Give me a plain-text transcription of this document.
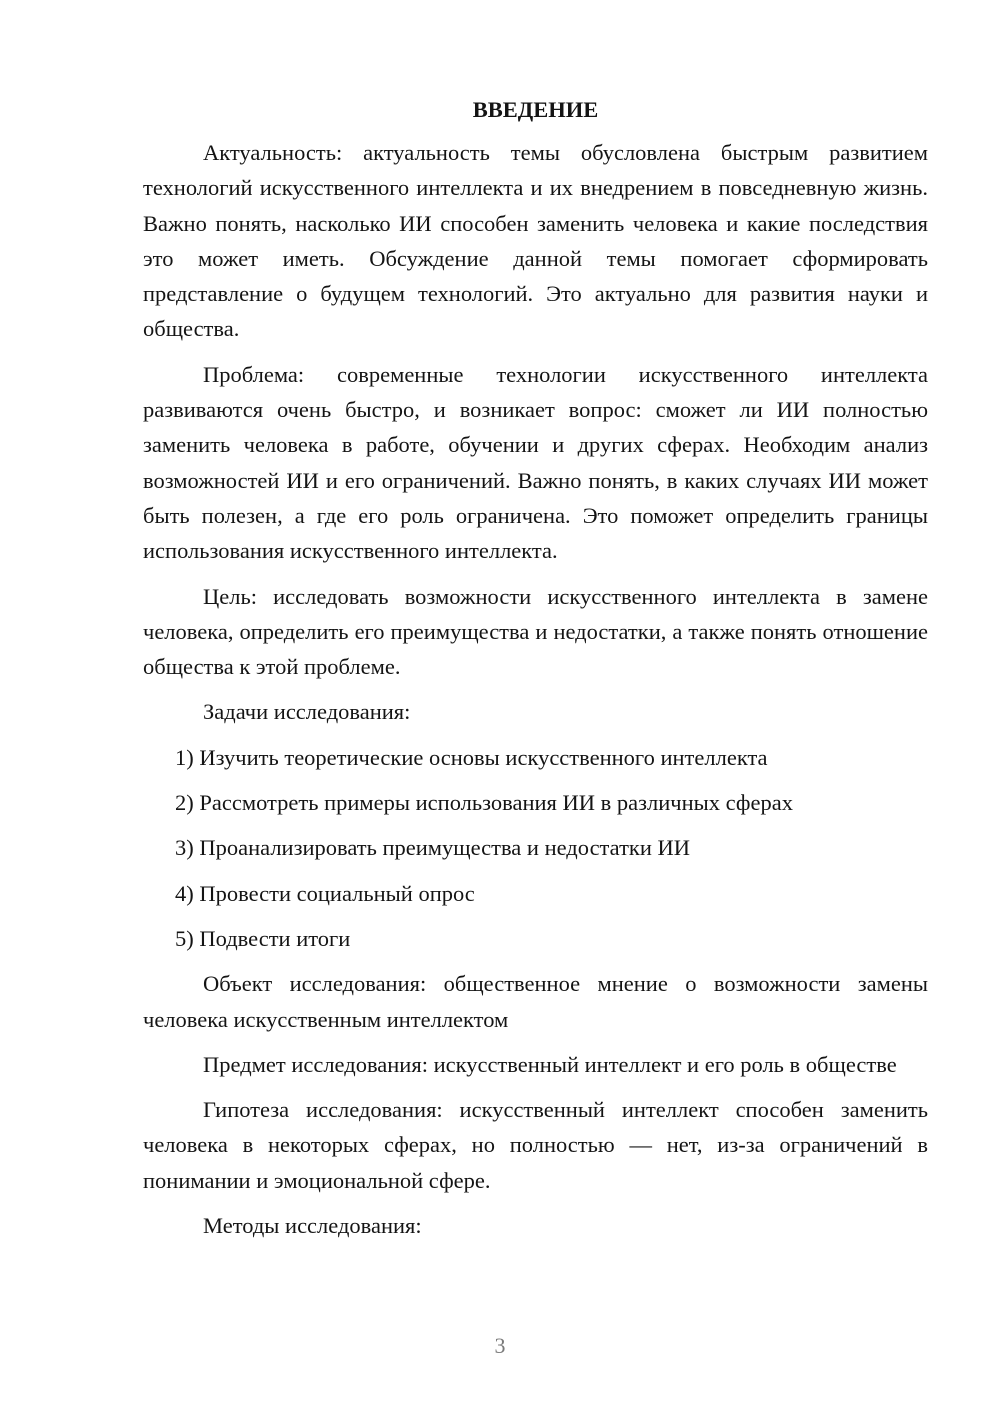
ВВЕДЕНИЕ

Актуальность: актуальность темы обусловлена быстрым развитием технологий искусственного интеллекта и их внедрением в повседневную жизнь. Важно понять, насколько ИИ способен заменить человека и какие последствия это может иметь. Обсуждение данной темы помогает сформировать представление о будущем технологий. Это актуально для развития науки и общества.

Проблема: современные технологии искусственного интеллекта развиваются очень быстро, и возникает вопрос: сможет ли ИИ полностью заменить человека в работе, обучении и других сферах. Необходим анализ возможностей ИИ и его ограничений. Важно понять, в каких случаях ИИ может быть полезен, а где его роль ограничена. Это поможет определить границы использования искусственного интеллекта.

Цель: исследовать возможности искусственного интеллекта в замене человека, определить его преимущества и недостатки, а также понять отношение общества к этой проблеме.

Задачи исследования:

1) Изучить теоретические основы искусственного интеллекта
2) Рассмотреть примеры использования ИИ в различных сферах
3) Проанализировать преимущества и недостатки ИИ
4) Провести социальный опрос
5) Подвести итоги

Объект исследования: общественное мнение о возможности замены человека искусственным интеллектом

Предмет исследования: искусственный интеллект и его роль в обществе

Гипотеза исследования: искусственный интеллект способен заменить человека в некоторых сферах, но полностью — нет, из-за ограничений в понимании и эмоциональной сфере.

Методы исследования:

3
